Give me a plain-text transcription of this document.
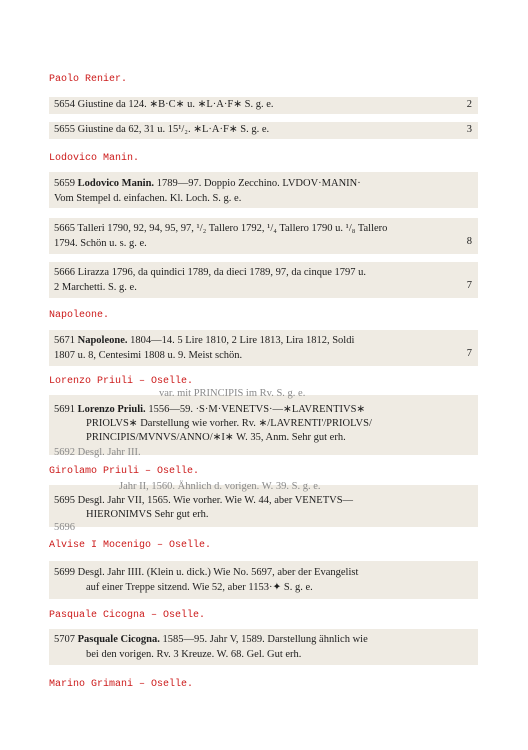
Paolo Renier.
5654 Giustine da 124. ∗B·C∗ u. ∗L·A·F∗ S. g. e.	2
5655 Giustine da 62, 31 u. 15¹/₂. ∗L·A·F∗ S. g. e.	3
Lodovico Manin.
5659 Lodovico Manin. 1789—97. Doppio Zecchino. LVDOV·MANIN·
Vom Stempel d. einfachen. Kl. Loch. S. g. e.
5665 Talleri 1790, 92, 94, 95, 97, ¹/₂ Tallero 1792, ¹/₄ Tallero 1790 u. ¹/₈ Tallero
1794. Schön u. s. g. e.	8
5666 Lirazza 1796, da quindici 1789, da dieci 1789, 97, da cinque 1797 u.
2 Marchetti. S. g. e.	7
Napoleone.
5671 Napoleone. 1804—14. 5 Lire 1810, 2 Lire 1813, Lira 1812, Soldi
1807 u. 8, Centesimi 1808 u. 9. Meist schön.	7
Lorenzo Priuli – Oselle.
var. mit PRINCIPIS im Rv. S. g. e.
5691 Lorenzo Priuli. 1556—59. ·S·M·VENETVS·—∗LAVRENTIVS∗
PRIOLVS∗ Darstellung wie vorher. Rv. ∗/LAVRENTI'/PRIOLVS/
PRINCIPIS/MVNVS/ANNO/∗I∗ W. 35, Anm. Sehr gut erh.
5692 Desgl. Jahr III.
Girolamo Priuli – Oselle.
Jahr II, 1560. Ähnlich d. vorigen. W. 39. S. g. e.
5695 Desgl. Jahr VII, 1565. Wie vorher. Wie W. 44, aber VENETVS—
HIERONIMVS Sehr gut erh.
5696
Alvise I Mocenigo – Oselle.
5699 Desgl. Jahr IIII. (Klein u. dick.) Wie No. 5697, aber der Evangelist
auf einer Treppe sitzend. Wie 52, aber 1153·✦ S. g. e.
Pasquale Cicogna – Oselle.
5707 Pasquale Cicogna. 1585—95. Jahr V, 1589. Darstellung ähnlich wie
bei den vorigen. Rv. 3 Kreuze. W. 68. Gel. Gut erh.
Marino Grimani – Oselle.
